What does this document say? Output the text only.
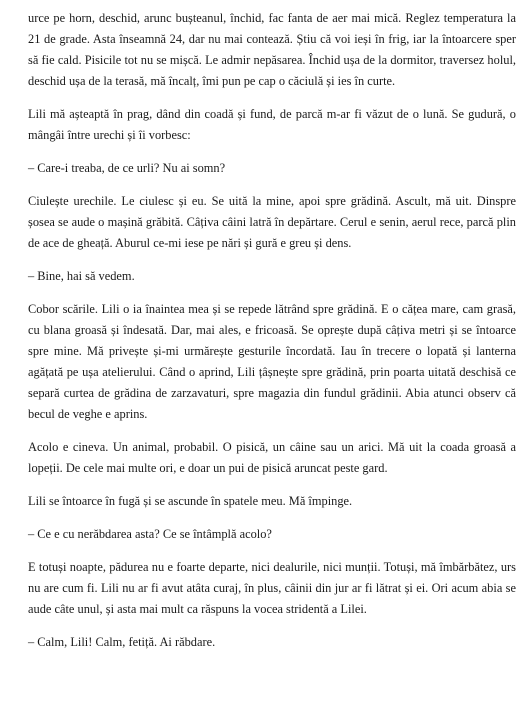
urce pe horn, deschid, arunc bușteanul, închid, fac fanta de aer mai mică. Reglez temperatura la 21 de grade. Asta înseamnă 24, dar nu mai contează. Știu că voi ieși în frig, iar la întoarcere sper să fie cald. Pisicile tot nu se mișcă. Le admir nepăsarea. Închid ușa de la dormitor, traversez holul, deschid ușa de la terasă, mă încalț, îmi pun pe cap o căciulă și ies în curte.

Lili mă așteaptă în prag, dând din coadă și fund, de parcă m-ar fi văzut de o lună. Se gudură, o mângâi între urechi și îi vorbesc:

– Care-i treaba, de ce urli? Nu ai somn?

Ciulește urechile. Le ciulesc și eu. Se uită la mine, apoi spre grădină. Ascult, mă uit. Dinspre șosea se aude o mașină grăbită. Câțiva câini latră în depărtare. Cerul e senin, aerul rece, parcă plin de ace de gheață. Aburul ce-mi iese pe nări și gură e greu și dens.

– Bine, hai să vedem.

Cobor scările. Lili o ia înaintea mea și se repede lătrând spre grădină. E o cățea mare, cam grasă, cu blana groasă și îndesată. Dar, mai ales, e fricoasă. Se oprește după câțiva metri și se întoarce spre mine. Mă privește și-mi urmărește gesturile încordată. Iau în trecere o lopată și lanterna agățată pe ușa atelierului. Când o aprind, Lili țâșnește spre grădină, prin poarta uitată deschisă ce separă curtea de grădina de zarzavaturi, spre magazia din fundul grădinii. Abia atunci observ că becul de veghe e aprins.

Acolo e cineva. Un animal, probabil. O pisică, un câine sau un arici. Mă uit la coada groasă a lopeții. De cele mai multe ori, e doar un pui de pisică aruncat peste gard.

Lili se întoarce în fugă și se ascunde în spatele meu. Mă împinge.

– Ce e cu nerăbdarea asta? Ce se întâmplă acolo?

E totuși noapte, pădurea nu e foarte departe, nici dealurile, nici munții. Totuși, mă îmbărbătez, urs nu are cum fi. Lili nu ar fi avut atâta curaj, în plus, câinii din jur ar fi lătrat și ei. Ori acum abia se aude câte unul, și asta mai mult ca răspuns la vocea stridentă a Lilei.

– Calm, Lili! Calm, fetiță. Ai răbdare.
